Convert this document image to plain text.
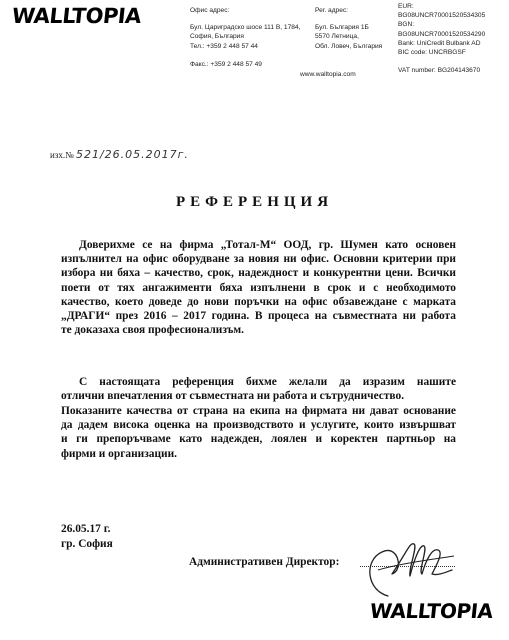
WALLTOPIA	Офис адрес:
Бул. Цариградско шосе 111 В, 1784,
София, България
Тел.: +359 2 448 57 44
Факс.: +359 2 448 57 49
Рег. адрес:
Бул. България 1Б
5570 Летница,
Обл. Ловеч, България
www.walltopia.com
EUR:
BG08UNCR70001520534305
BGN:
BG08UNCR70001520534290
Bank: UniCredit Bulbank AD
BIC code: UNCRBGSF
VAT number: BG204143670
изх.№ 521/26.05.2017г.
РЕФЕРЕНЦИЯ
Доверихме се на фирма „Тотал-М“ ООД, гр. Шумен като основен
изпълнител на офис оборудване за новия ни офис. Основни критерии при
избора ни бяха – качество, срок, надеждност и конкурентни цени. Всички
поети от тях ангажименти бяха изпълнени в срок и с необходимото
качество, което доведе до нови поръчки на офис обзавеждане с марката
„ДРАГИ“ през 2016 – 2017 година. В процеса на съвместната ни работа
те доказаха своя професионализъм.
С настоящата референция бихме желали да изразим нашите
отлични впечатления от съвместната ни работа и сътрудничество.
Показаните качества от страна на екипа на фирмата ни дават основание
да дадем висока оценка на производството и услугите, които извършват
и ги препоръчваме като надежден, лоялен и коректен партньор на
фирми и организации.
26.05.17 г.
гр. София
Административен Директор:
WALLTOPIA
